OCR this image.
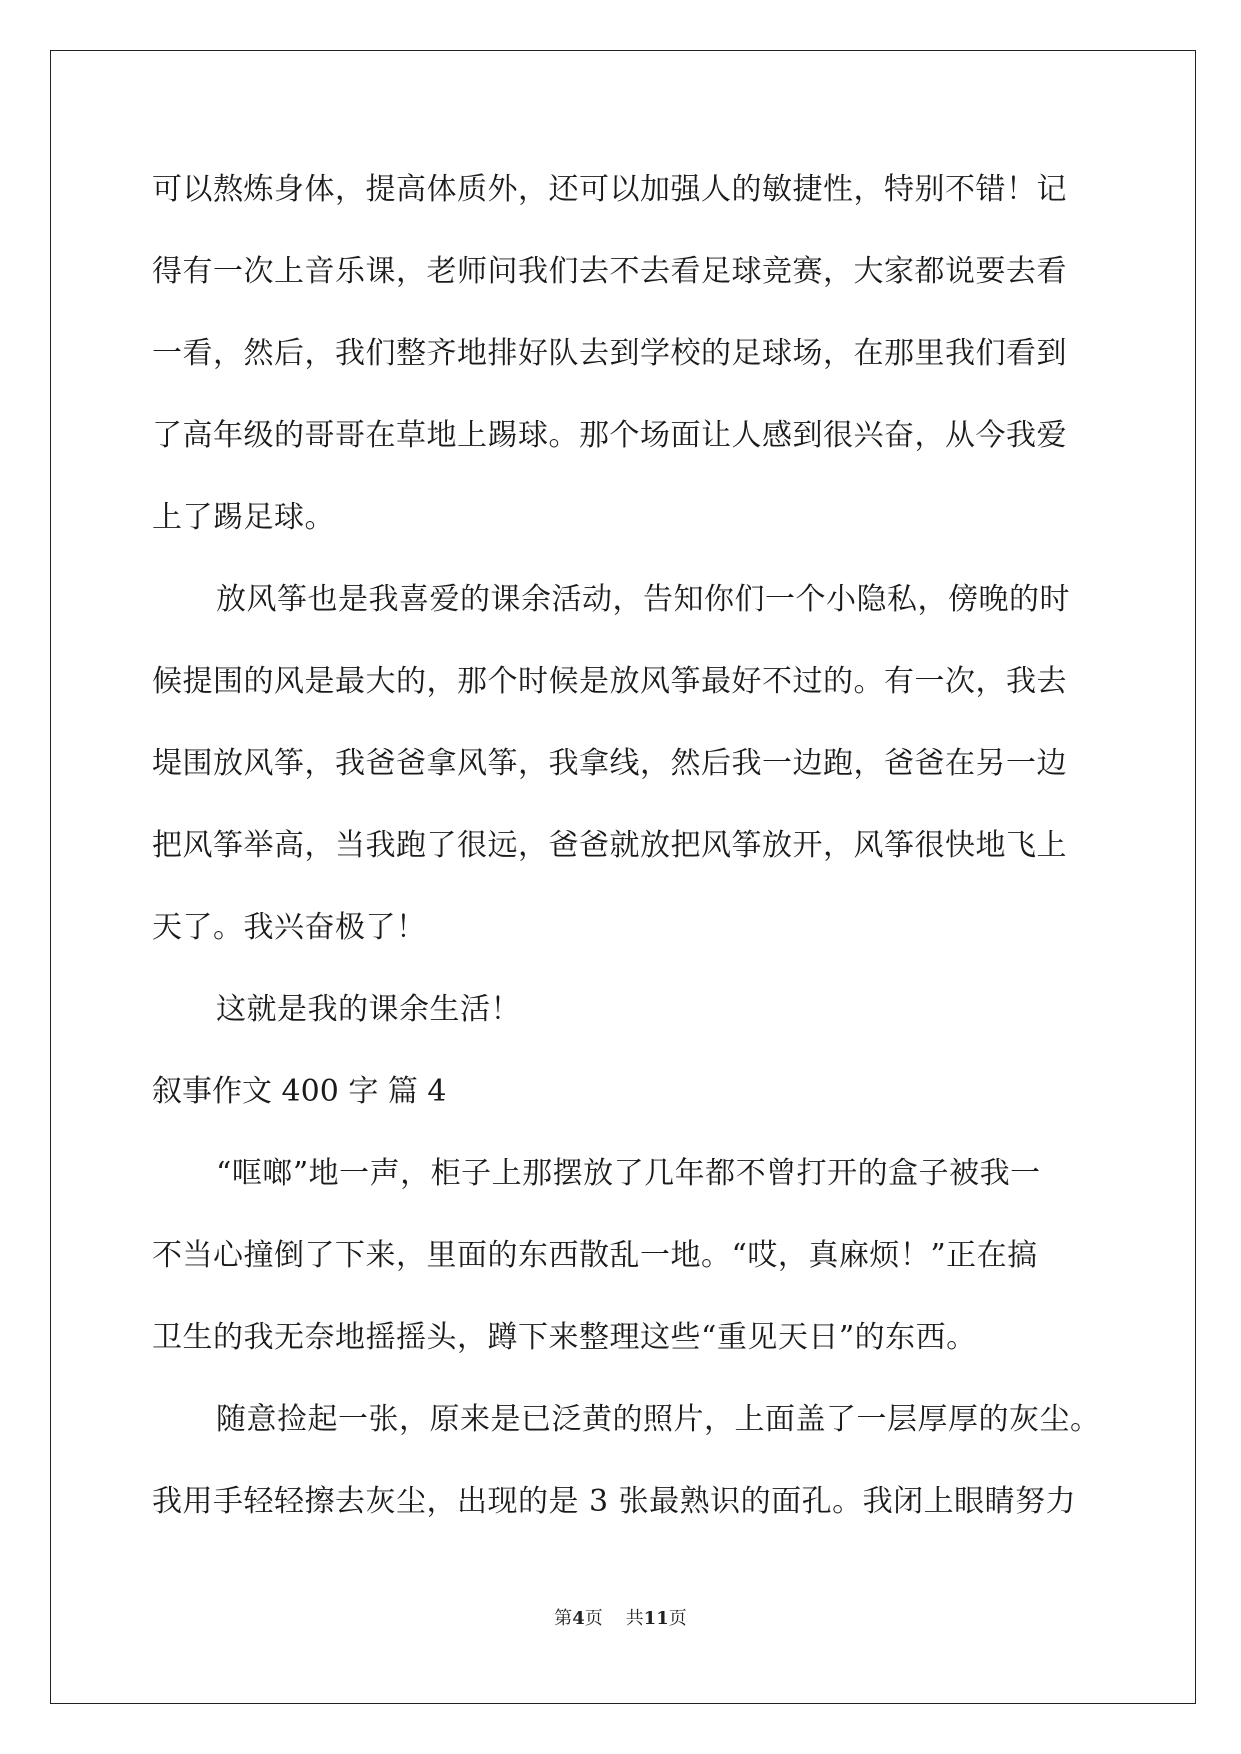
可以熬炼身体，提高体质外，还可以加强人的敏捷性，特别不错！记
得有一次上音乐课，老师问我们去不去看足球竞赛，大家都说要去看
一看，然后，我们整齐地排好队去到学校的足球场，在那里我们看到
了高年级的哥哥在草地上踢球。那个场面让人感到很兴奋，从今我爱
上了踢足球。
放风筝也是我喜爱的课余活动，告知你们一个小隐私，傍晚的时
候提围的风是最大的，那个时候是放风筝最好不过的。有一次，我去
堤围放风筝，我爸爸拿风筝，我拿线，然后我一边跑，爸爸在另一边
把风筝举高，当我跑了很远，爸爸就放把风筝放开，风筝很快地飞上
天了。我兴奋极了！
这就是我的课余生活！
叙事作文 400 字 篇 4
“哐啷”地一声，柜子上那摆放了几年都不曾打开的盒子被我一
不当心撞倒了下来，里面的东西散乱一地。“哎，真麻烦！”正在搞
卫生的我无奈地摇摇头，蹲下来整理这些“重见天日”的东西。
随意捡起一张，原来是已泛黄的照片，上面盖了一层厚厚的灰尘。
我用手轻轻擦去灰尘，出现的是 3 张最熟识的面孔。我闭上眼睛努力
第4页 共11页
